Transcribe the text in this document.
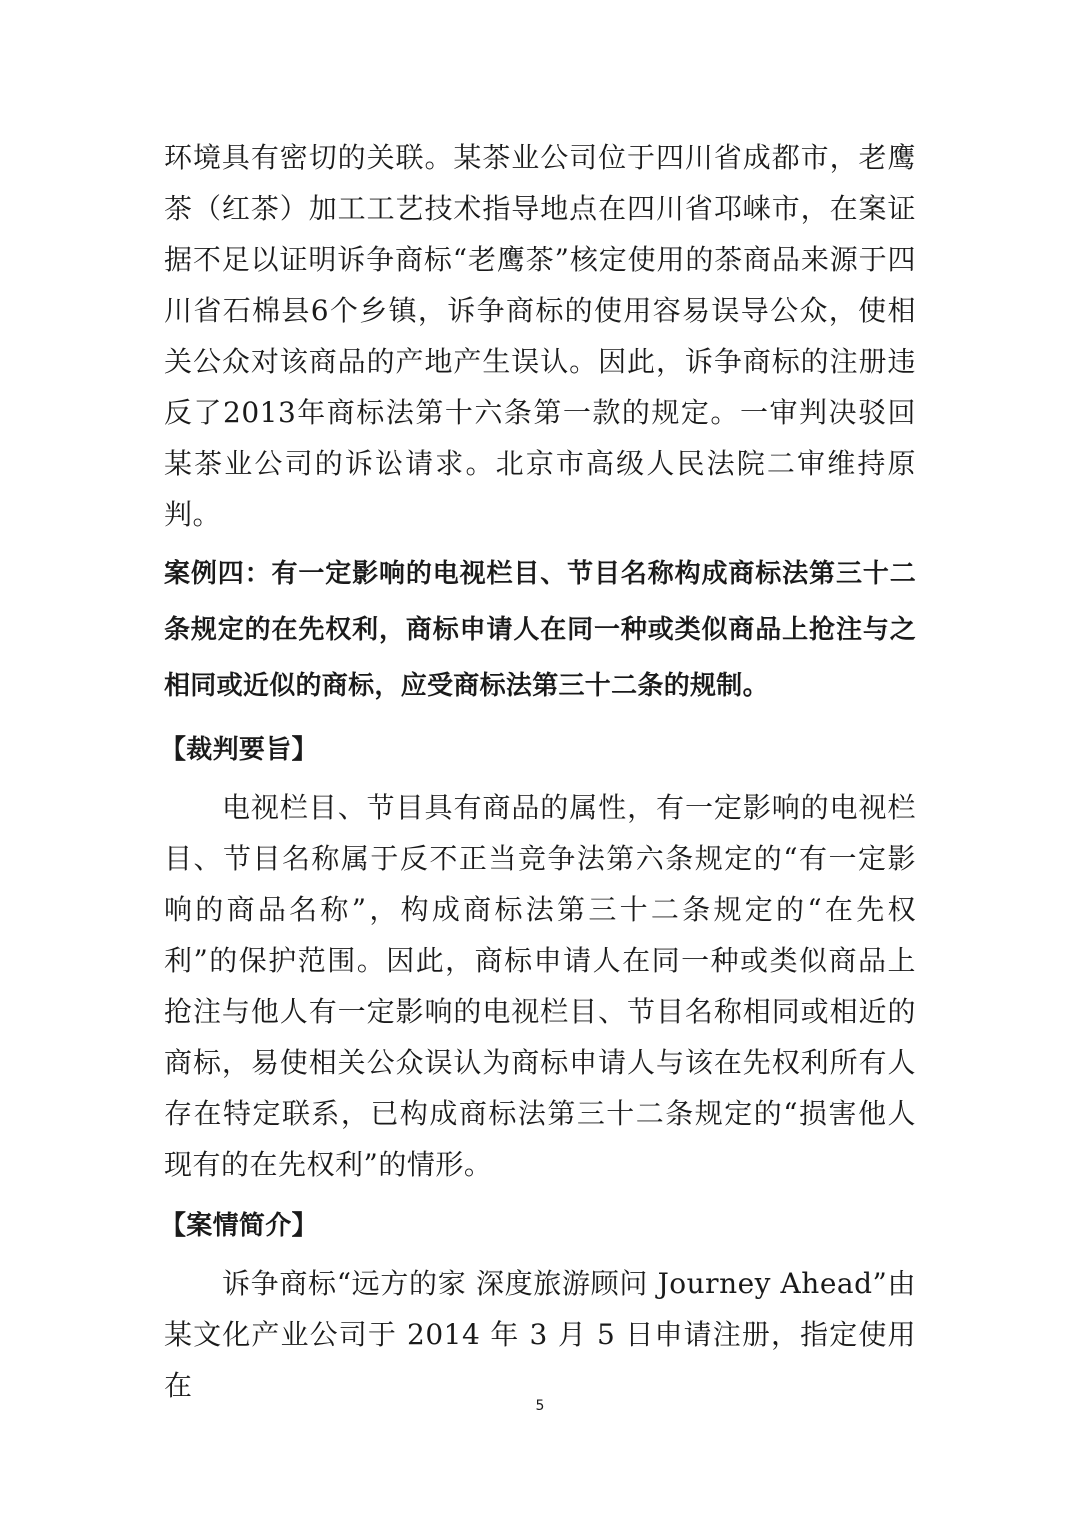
环境具有密切的关联。某茶业公司位于四川省成都市，老鹰茶（红茶）加工工艺技术指导地点在四川省邛崃市，在案证据不足以证明诉争商标“老鹰茶”核定使用的茶商品来源于四川省石棉县6个乡镇，诉争商标的使用容易误导公众，使相关公众对该商品的产地产生误认。因此，诉争商标的注册违反了2013年商标法第十六条第一款的规定。一审判决驳回某茶业公司的诉讼请求。北京市高级人民法院二审维持原判。

案例四：有一定影响的电视栏目、节目名称构成商标法第三十二条规定的在先权利，商标申请人在同一种或类似商品上抢注与之相同或近似的商标，应受商标法第三十二条的规制。

【裁判要旨】

电视栏目、节目具有商品的属性，有一定影响的电视栏目、节目名称属于反不正当竞争法第六条规定的“有一定影响的商品名称”，构成商标法第三十二条规定的“在先权利”的保护范围。因此，商标申请人在同一种或类似商品上抢注与他人有一定影响的电视栏目、节目名称相同或相近的商标，易使相关公众误认为商标申请人与该在先权利所有人存在特定联系，已构成商标法第三十二条规定的“损害他人现有的在先权利”的情形。

【案情简介】

诉争商标“远方的家 深度旅游顾问 Journey Ahead”由某文化产业公司于 2014 年 3 月 5 日申请注册，指定使用在

5
